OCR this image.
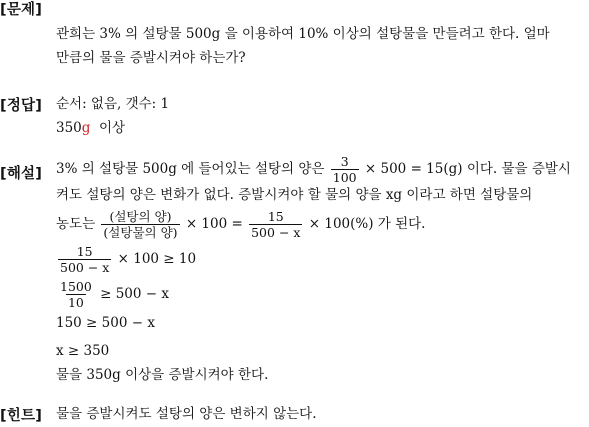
[문제]
관희는 3% 의 설탕물 500g 을 이용하여 10% 이상의 설탕물을 만들려고 한다. 얼마
만큼의 물을 증발시켜야 하는가?
[정답] 순서: 없음, 갯수: 1
350g  이상
[해설] 3% 의 설탕물 500g 에 들어있는 설탕의 양은 $\frac{3}{100} \times 500 = 15(g)$ 이다. 물을 증발시
켜도 설탕의 양은 변화가 없다. 증발시켜야 할 물의 양을 xg 이라고 하면 설탕물의
농도는 $\frac{\text{(설탕의 양)}}{\text{(설탕물의 양)}} \times 100 = \frac{15}{500 - x} \times 100(\%)$ 가 된다.
$\frac{15}{500 - x} \times 100 \ge 10$
$\frac{1500}{10} \ge 500 - x$
150 ≥ 500 − x
x ≥ 350
물을 350g 이상을 증발시켜야 한다.
[힌트] 물을 증발시켜도 설탕의 양은 변하지 않는다.
